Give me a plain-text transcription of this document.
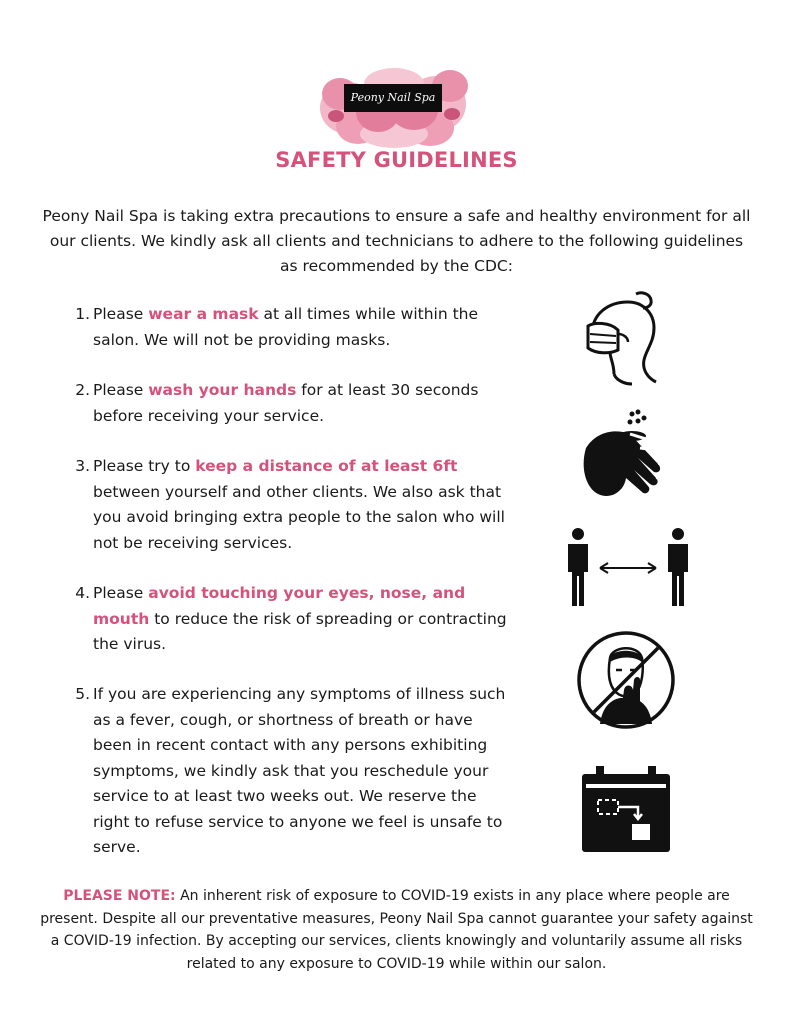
Peony Nail Spa
SAFETY GUIDELINES

Peony Nail Spa is taking extra precautions to ensure a safe and healthy environment for all our clients. We kindly ask all clients and technicians to adhere to the following guidelines as recommended by the CDC:

1. Please wear a mask at all times while within the salon. We will not be providing masks.
2. Please wash your hands for at least 30 seconds before receiving your service.
3. Please try to keep a distance of at least 6ft between yourself and other clients. We also ask that you avoid bringing extra people to the salon who will not be receiving services.
4. Please avoid touching your eyes, nose, and mouth to reduce the risk of spreading or contracting the virus.
5. If you are experiencing any symptoms of illness such as a fever, cough, or shortness of breath or have been in recent contact with any persons exhibiting symptoms, we kindly ask that you reschedule your service to at least two weeks out. We reserve the right to refuse service to anyone we feel is unsafe to serve.

PLEASE NOTE: An inherent risk of exposure to COVID-19 exists in any place where people are present. Despite all our preventative measures, Peony Nail Spa cannot guarantee your safety against a COVID-19 infection. By accepting our services, clients knowingly and voluntarily assume all risks related to any exposure to COVID-19 while within our salon.
